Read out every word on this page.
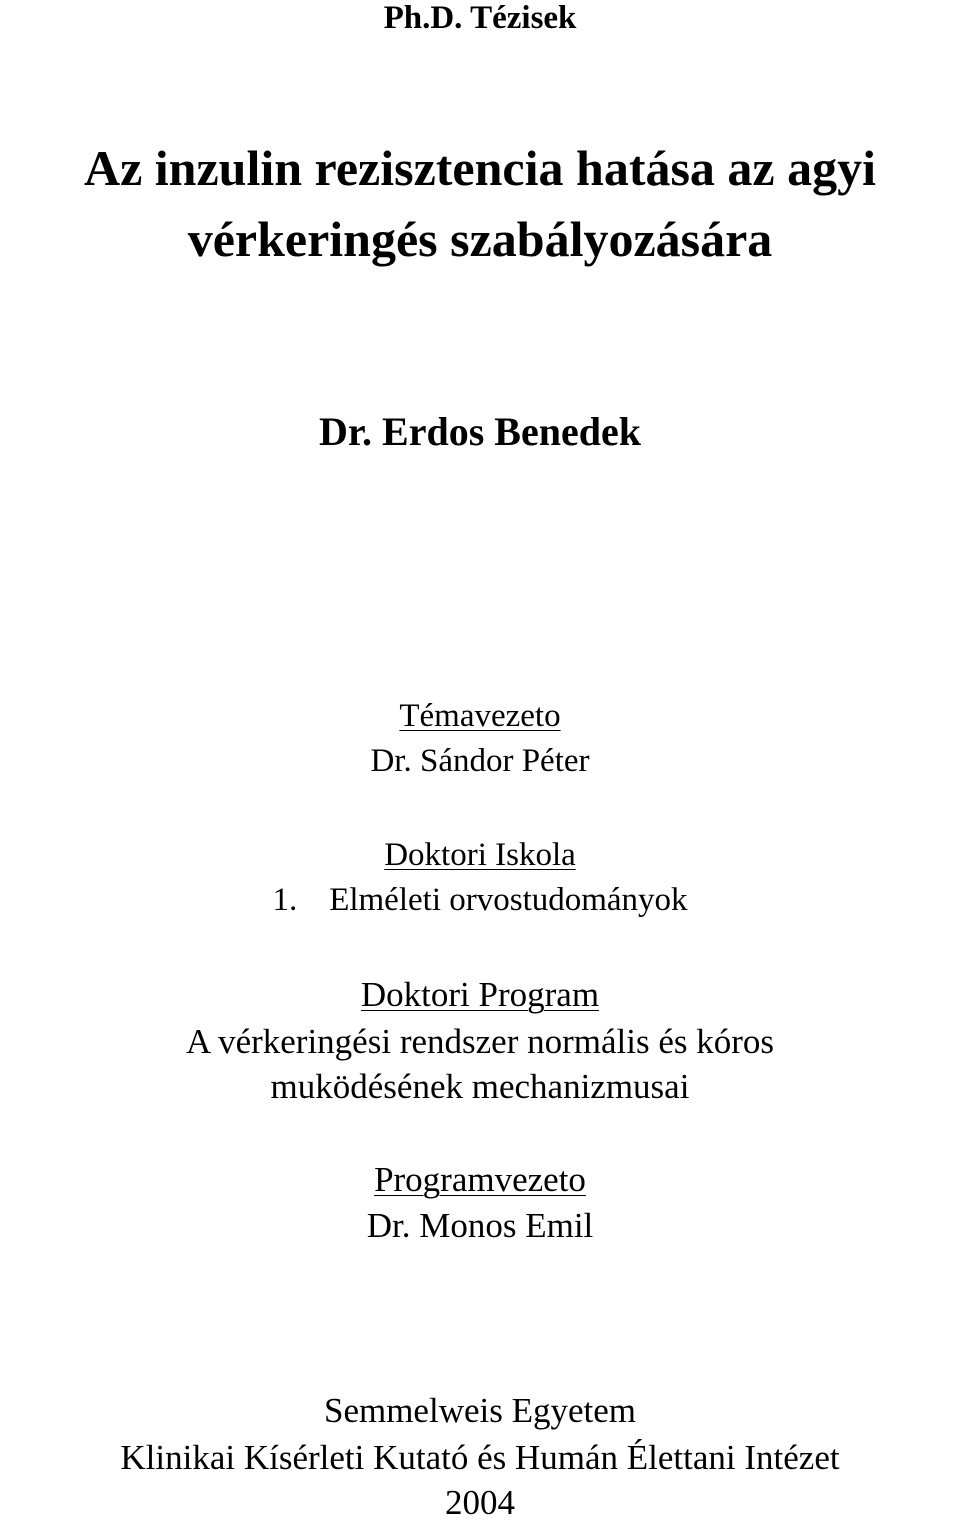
Ph.D. Tézisek
Az inzulin rezisztencia hatása az agyi
vérkeringés szabályozására
Dr. Erdos Benedek
Témavezeto
Dr. Sándor Péter
Doktori Iskola
1. Elméleti orvostudományok
Doktori Program
A vérkeringési rendszer normális és kóros
muködésének mechanizmusai
Programvezeto
Dr. Monos Emil
Semmelweis Egyetem
Klinikai Kísérleti Kutató és Humán Élettani Intézet
2004
